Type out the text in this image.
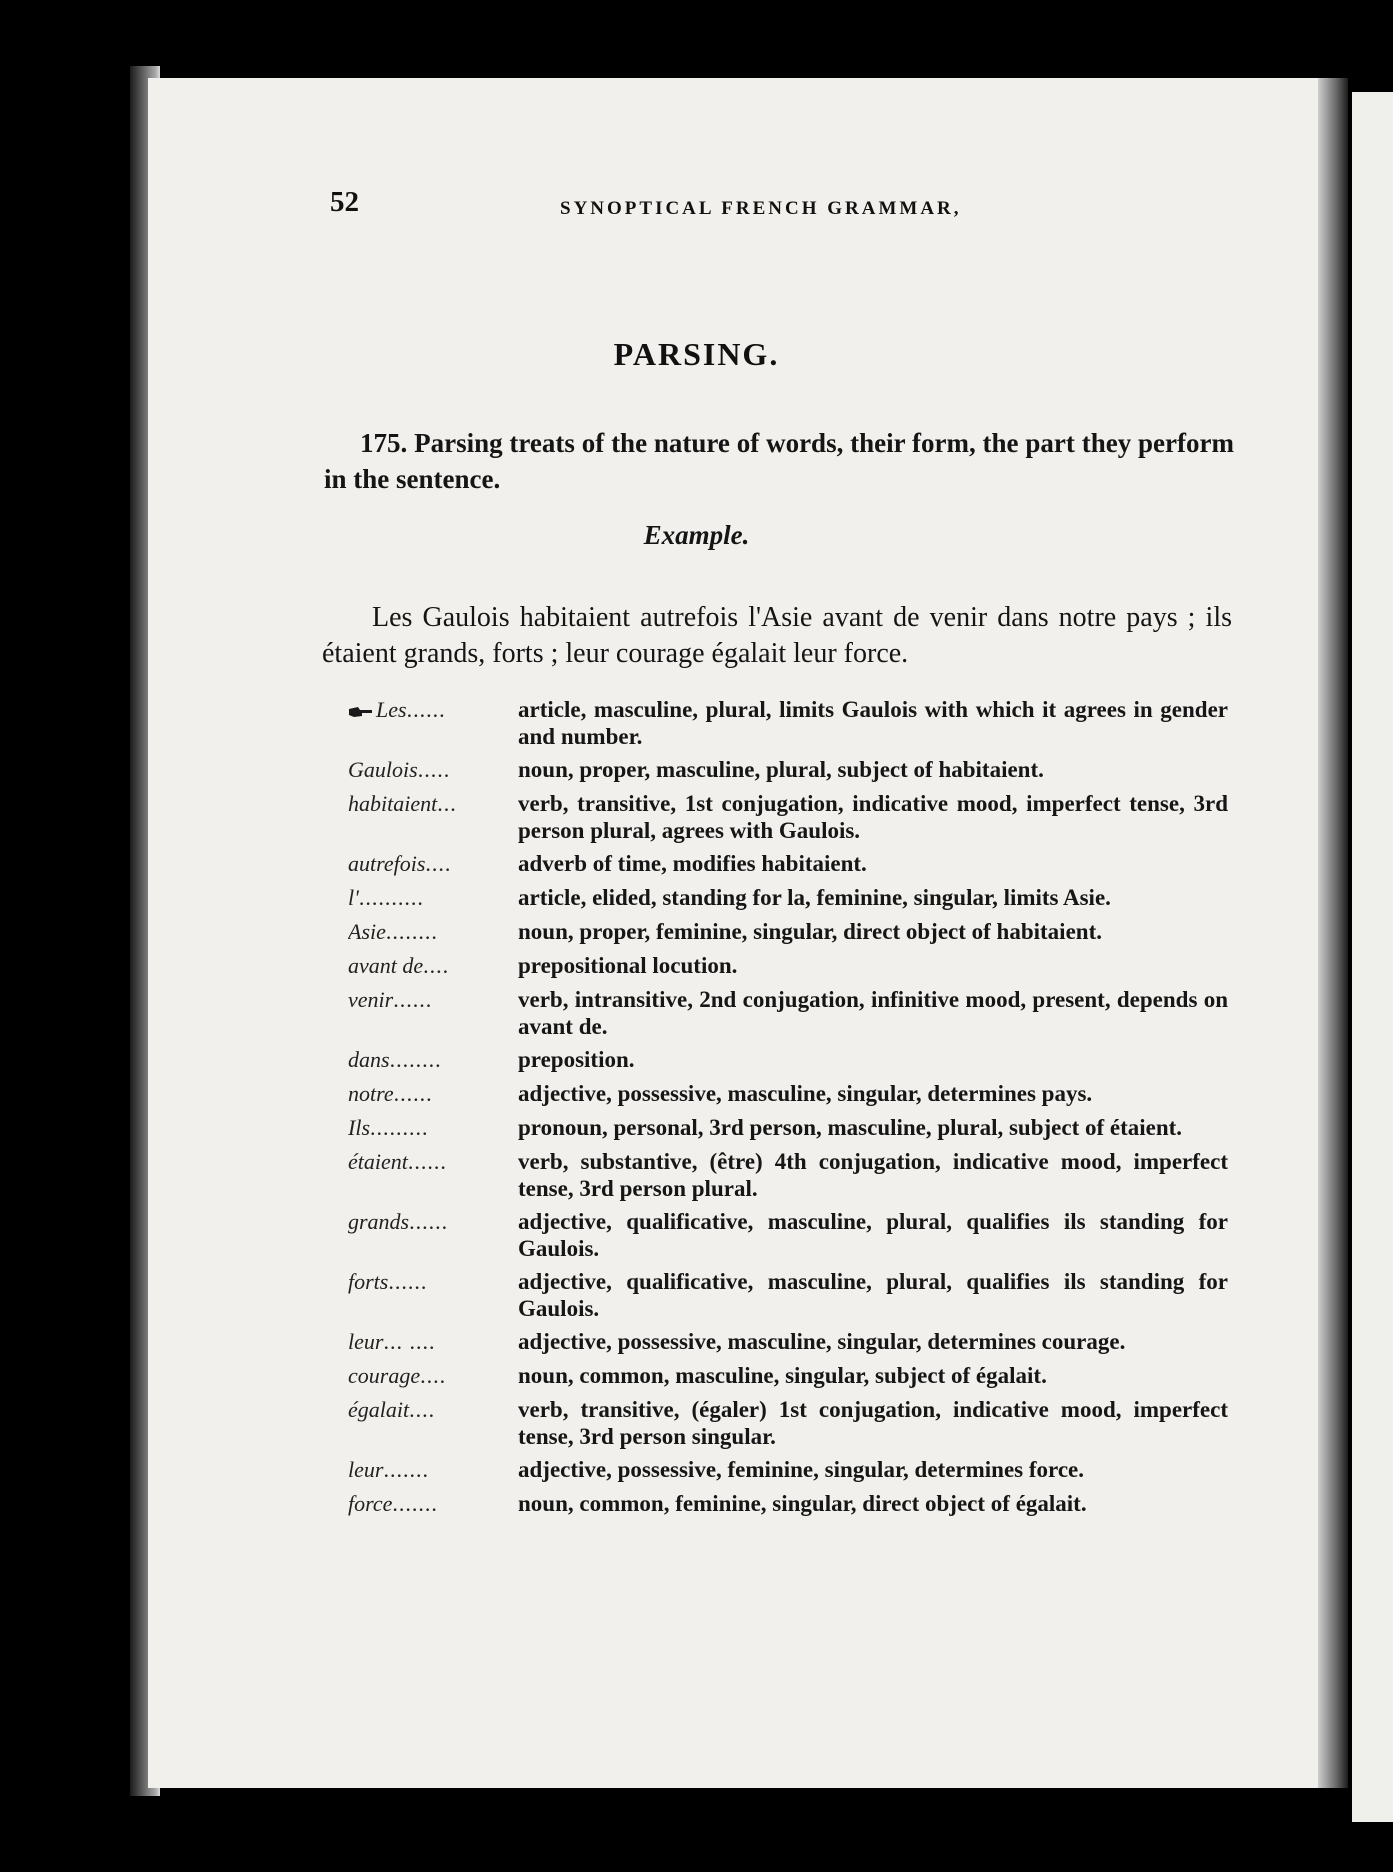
52	SYNOPTICAL FRENCH GRAMMAR,
PARSING.

175. Parsing treats of the nature of words, their form, the part they perform in the sentence.

Example.

Les Gaulois habitaient autrefois l'Asie avant de venir dans notre pays ; ils étaient grands, forts ; leur courage égalait leur force.

Les......	article, masculine, plural, limits Gaulois with which it agrees in gender and number.
Gaulois.....	noun, proper, masculine, plural, subject of habitaient.
habitaient...	verb, transitive, 1st conjugation, indicative mood, imperfect tense, 3rd person plural, agrees with Gaulois.
autrefois....	adverb of time, modifies habitaient.
l'..........	article, elided, standing for la, feminine, singular, limits Asie.
Asie........	noun, proper, feminine, singular, direct object of habitaient.
avant de....	prepositional locution.
venir......	verb, intransitive, 2nd conjugation, infinitive mood, present, depends on avant de.
dans........	preposition.
notre......	adjective, possessive, masculine, singular, determines pays.
Ils.........	pronoun, personal, 3rd person, masculine, plural, subject of étaient.
étaient......	verb, substantive, (être) 4th conjugation, indicative mood, imperfect tense, 3rd person plural.
grands......	adjective, qualificative, masculine, plural, qualifies ils standing for Gaulois.
forts......	adjective, qualificative, masculine, plural, qualifies ils standing for Gaulois.
leur... ....	adjective, possessive, masculine, singular, determines courage.
courage....	noun, common, masculine, singular, subject of égalait.
égalait....	verb, transitive, (égaler) 1st conjugation, indicative mood, imperfect tense, 3rd person singular.
leur.......	adjective, possessive, feminine, singular, determines force.
force.......	noun, common, feminine, singular, direct object of égalait.
